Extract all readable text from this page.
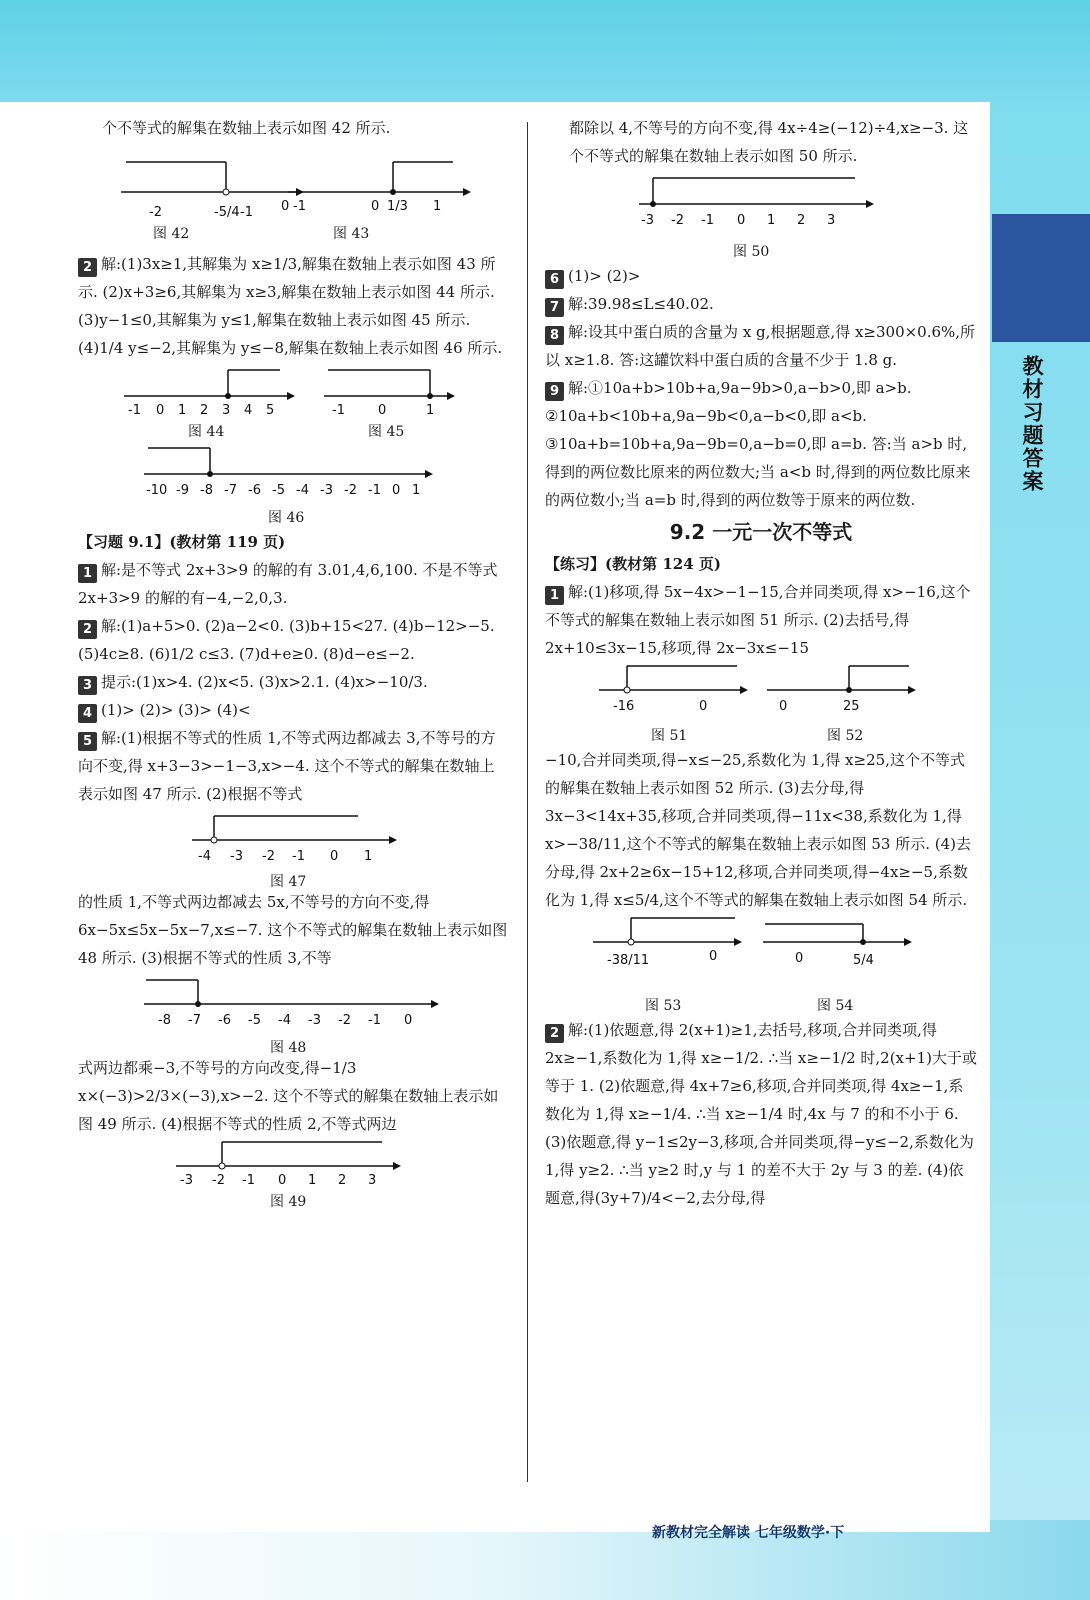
教材习题答案

个不等式的解集在数轴上表示如图 42 所示.

-2	-5/4 -1 0 -1	0 1/3 1
图 42	图 43

2 解:(1)3x≥1,其解集为 x≥1/3,解集在数轴上表示如图 43 所示. (2)x+3≥6,其解集为 x≥3,解集在数轴上表示如图 44 所示. (3)y−1≤0,其解集为 y≤1,解集在数轴上表示如图 45 所示. (4)1/4 y≤−2,其解集为 y≤−8,解集在数轴上表示如图 46 所示.

-1 0 1 2 3 4 5	-1	0	1
图 44	图 45
-10 -9 -8 -7 -6 -5 -4 -3 -2 -1 0 1
图 46

【习题 9.1】(教材第 119 页)

1 解:是不等式 2x+3>9 的解的有 3.01,4,6,100. 不是不等式 2x+3>9 的解的有−4,−2,0,3.

2 解:(1)a+5>0. (2)a−2<0. (3)b+15<27. (4)b−12>−5. (5)4c≥8. (6)1/2 c≤3. (7)d+e≥0. (8)d−e≤−2.

3 提示:(1)x>4. (2)x<5. (3)x>2.1. (4)x>−10/3.

4 (1)> (2)> (3)> (4)<

5 解:(1)根据不等式的性质 1,不等式两边都减去 3,不等号的方向不变,得 x+3−3>−1−3,x>−4. 这个不等式的解集在数轴上表示如图 47 所示. (2)根据不等式

-4 -3 -2 -1 0 1
图 47

的性质 1,不等式两边都减去 5x,不等号的方向不变,得 6x−5x≤5x−5x−7,x≤−7. 这个不等式的解集在数轴上表示如图 48 所示. (3)根据不等式的性质 3,不等

-8 -7 -6 -5 -4 -3 -2 -1 0
图 48

式两边都乘−3,不等号的方向改变,得−1/3 x×(−3)>2/3×(−3),x>−2. 这个不等式的解集在数轴上表示如图 49 所示. (4)根据不等式的性质 2,不等式两边

-3 -2 -1 0 1 2 3
图 49

都除以 4,不等号的方向不变,得 4x÷4≥(−12)÷4,x≥−3. 这个不等式的解集在数轴上表示如图 50 所示.

-3 -2 -1 0 1 2 3
图 50

6 (1)> (2)>

7 解:39.98≤L≤40.02.

8 解:设其中蛋白质的含量为 x g,根据题意,得 x≥300×0.6%,所以 x≥1.8. 答:这罐饮料中蛋白质的含量不少于 1.8 g.

9 解:①10a+b>10b+a,9a−9b>0,a−b>0,即 a>b. ②10a+b<10b+a,9a−9b<0,a−b<0,即 a<b. ③10a+b=10b+a,9a−9b=0,a−b=0,即 a=b. 答:当 a>b 时,得到的两位数比原来的两位数大;当 a<b 时,得到的两位数比原来的两位数小;当 a=b 时,得到的两位数等于原来的两位数.

9.2 一元一次不等式

【练习】(教材第 124 页)

1 解:(1)移项,得 5x−4x>−1−15,合并同类项,得 x>−16,这个不等式的解集在数轴上表示如图 51 所示. (2)去括号,得 2x+10≤3x−15,移项,得 2x−3x≤−15

-16	0	0	25
图 51	图 52

−10,合并同类项,得−x≤−25,系数化为 1,得 x≥25,这个不等式的解集在数轴上表示如图 52 所示. (3)去分母,得 3x−3<14x+35,移项,合并同类项,得−11x<38,系数化为 1,得 x>−38/11,这个不等式的解集在数轴上表示如图 53 所示. (4)去分母,得 2x+2≥6x−15+12,移项,合并同类项,得−4x≥−5,系数化为 1,得 x≤5/4,这个不等式的解集在数轴上表示如图 54 所示.

-38/11	0	0	5/4
图 53	图 54

2 解:(1)依题意,得 2(x+1)≥1,去括号,移项,合并同类项,得 2x≥−1,系数化为 1,得 x≥−1/2. ∴当 x≥−1/2 时,2(x+1)大于或等于 1. (2)依题意,得 4x+7≥6,移项,合并同类项,得 4x≥−1,系数化为 1,得 x≥−1/4. ∴当 x≥−1/4 时,4x 与 7 的和不小于 6. (3)依题意,得 y−1≤2y−3,移项,合并同类项,得−y≤−2,系数化为 1,得 y≥2. ∴当 y≥2 时,y 与 1 的差不大于 2y 与 3 的差. (4)依题意,得(3y+7)/4<−2,去分母,得

新教材完全解读 七年级数学·下
